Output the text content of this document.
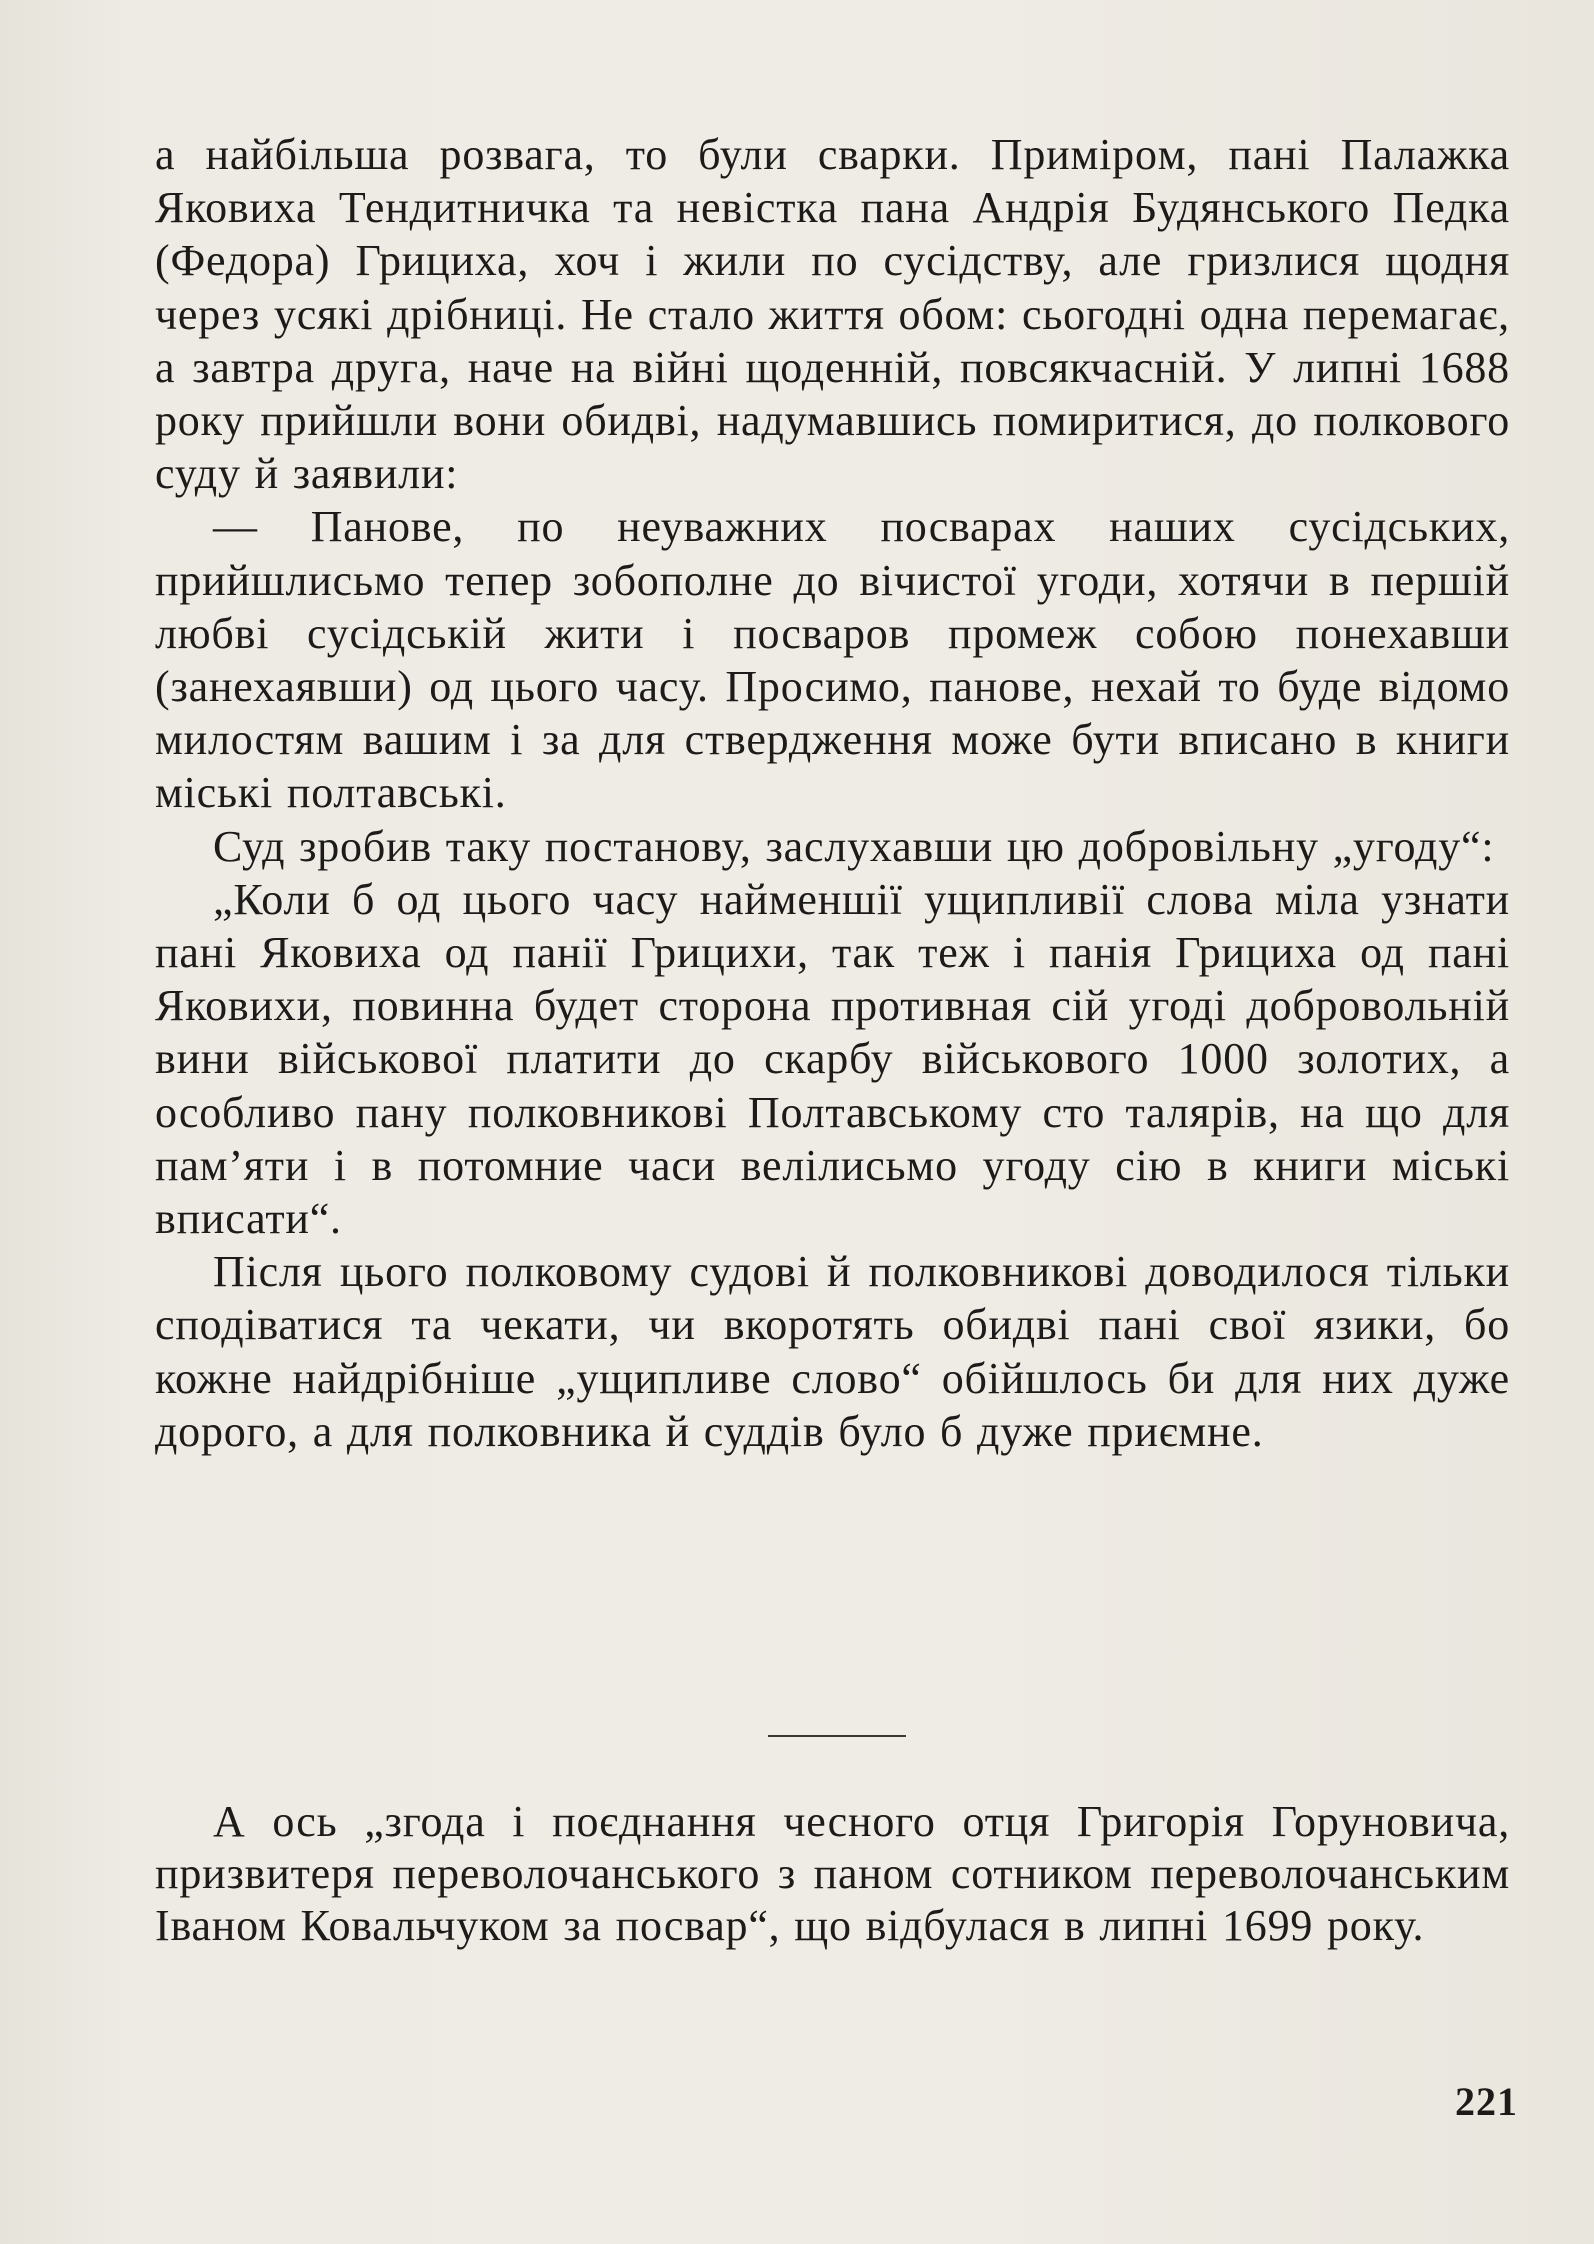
а найбільша розвага, то були сварки. Примірoм, пані Палажка Яковиха Тендитничка та невістка пана Андрія Будянського Педка (Федора) Грициха, хоч і жили по сусідству, але гризлися щодня через усякі дрібниці. Не стало життя обом: сьогодні одна перемагає, а завтра друга, наче на війні щоденній, повсякчасній. У липні 1688 року прийшли вони обидві, надумавшись помиритися, до полкового суду й заявили:

— Панове, по неуважних посварах наших сусідських, прийшлисьмо тепер зобополне до вічистої угоди, хотячи в першій любві сусідській жити і посваров промеж собою понехавши (занехаявши) од цього часу. Просимо, панове, нехай то буде відомо милостям вашим і за для ствердження може бути вписано в книги міські полтавські.

Суд зробив таку постанову, заслухавши цю добровільну „угоду“:

„Коли б од цього часу найменшії ущипливії слова міла узнати пані Яковиха од панії Грицихи, так теж і панія Грициха од пані Яковихи, повинна будет сторона противная сій угоді добровольній вини військової платити до скарбу військового 1000 золотих, а особливо пану полковникові Полтавському сто талярів, на що для пам’яти і в потомние часи велілисьмо угоду сію в книги міські вписати“.

Після цього полковому судові й полковникові доводилося тільки сподіватися та чекати, чи вкоротять обидві пані свої язики, бо кожне найдрібніше „ущипливе слово“ обійшлось би для них дуже дорого, а для полковника й суддів було б дуже приємне.

А ось „згода і поєднання чесного отця Григорія Горуновича, призвитеря переволочанського з паном сотником переволочанським Іваном Ковальчуком за посвар“, що відбулася в липні 1699 року.

221
